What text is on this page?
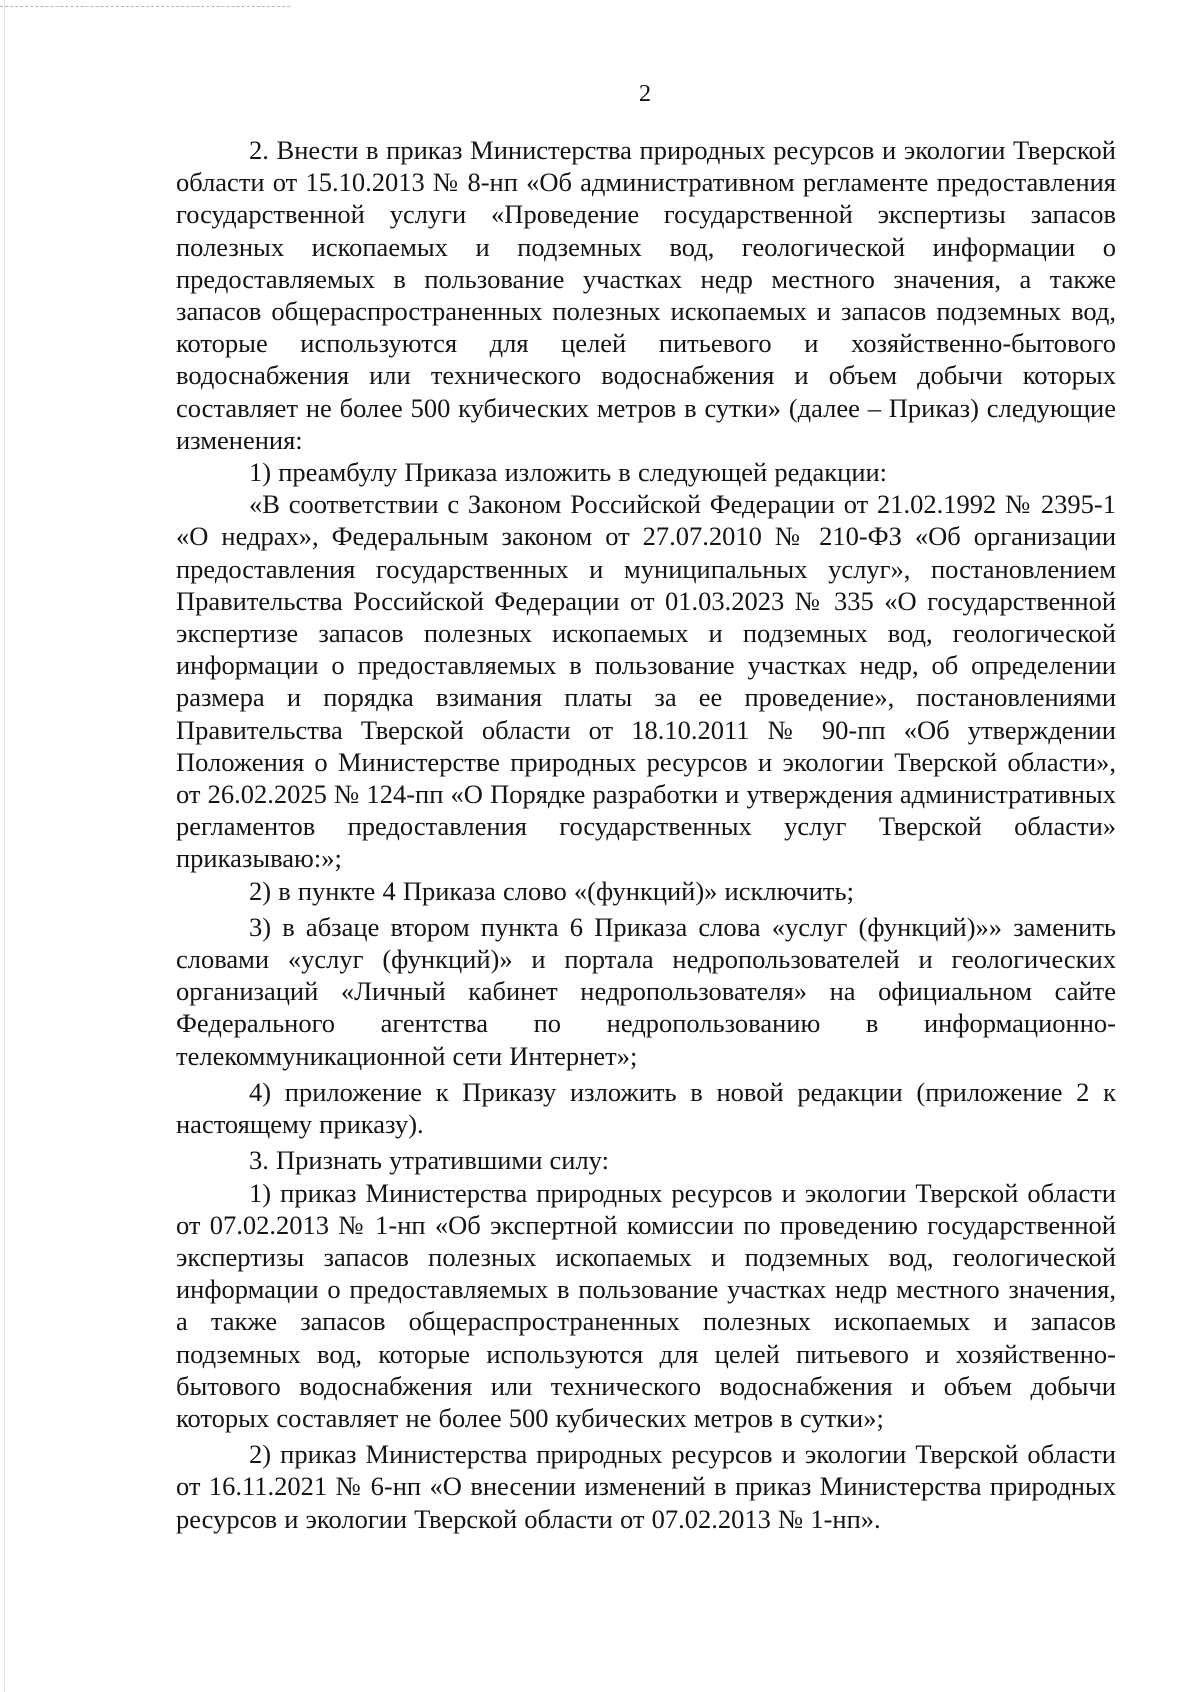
2

2. Внести в приказ Министерства природных ресурсов и экологии Тверской области от 15.10.2013 № 8-нп «Об административном регламенте предоставления государственной услуги «Проведение государственной экспертизы запасов полезных ископаемых и подземных вод, геологической информации о предоставляемых в пользование участках недр местного значения, а также запасов общераспространенных полезных ископаемых и запасов подземных вод, которые используются для целей питьевого и хозяйственно-бытового водоснабжения или технического водоснабжения и объем добычи которых составляет не более 500 кубических метров в сутки» (далее – Приказ) следующие изменения:

1) преамбулу Приказа изложить в следующей редакции:

«В соответствии с Законом Российской Федерации от 21.02.1992 № 2395-1 «О недрах», Федеральным законом от 27.07.2010 № 210-ФЗ «Об организации предоставления государственных и муниципальных услуг», постановлением Правительства Российской Федерации от 01.03.2023 № 335 «О государственной экспертизе запасов полезных ископаемых и подземных вод, геологической информации о предоставляемых в пользование участках недр, об определении размера и порядка взимания платы за ее проведение», постановлениями Правительства Тверской области от 18.10.2011 № 90-пп «Об утверждении Положения о Министерстве природных ресурсов и экологии Тверской области», от 26.02.2025 № 124-пп «О Порядке разработки и утверждения административных регламентов предоставления государственных услуг Тверской области» приказываю:»;

2) в пункте 4 Приказа слово «(функций)» исключить;

3) в абзаце втором пункта 6 Приказа слова «услуг (функций)»» заменить словами «услуг (функций)» и портала недропользователей и геологических организаций «Личный кабинет недропользователя» на официальном сайте Федерального агентства по недропользованию в информационно-телекоммуникационной сети Интернет»;

4) приложение к Приказу изложить в новой редакции (приложение 2 к настоящему приказу).

3. Признать утратившими силу:

1) приказ Министерства природных ресурсов и экологии Тверской области от 07.02.2013 № 1-нп «Об экспертной комиссии по проведению государственной экспертизы запасов полезных ископаемых и подземных вод, геологической информации о предоставляемых в пользование участках недр местного значения, а также запасов общераспространенных полезных ископаемых и запасов подземных вод, которые используются для целей питьевого и хозяйственно-бытового водоснабжения или технического водоснабжения и объем добычи которых составляет не более 500 кубических метров в сутки»;

2) приказ Министерства природных ресурсов и экологии Тверской области от 16.11.2021 № 6-нп «О внесении изменений в приказ Министерства природных ресурсов и экологии Тверской области от 07.02.2013 № 1-нп».
